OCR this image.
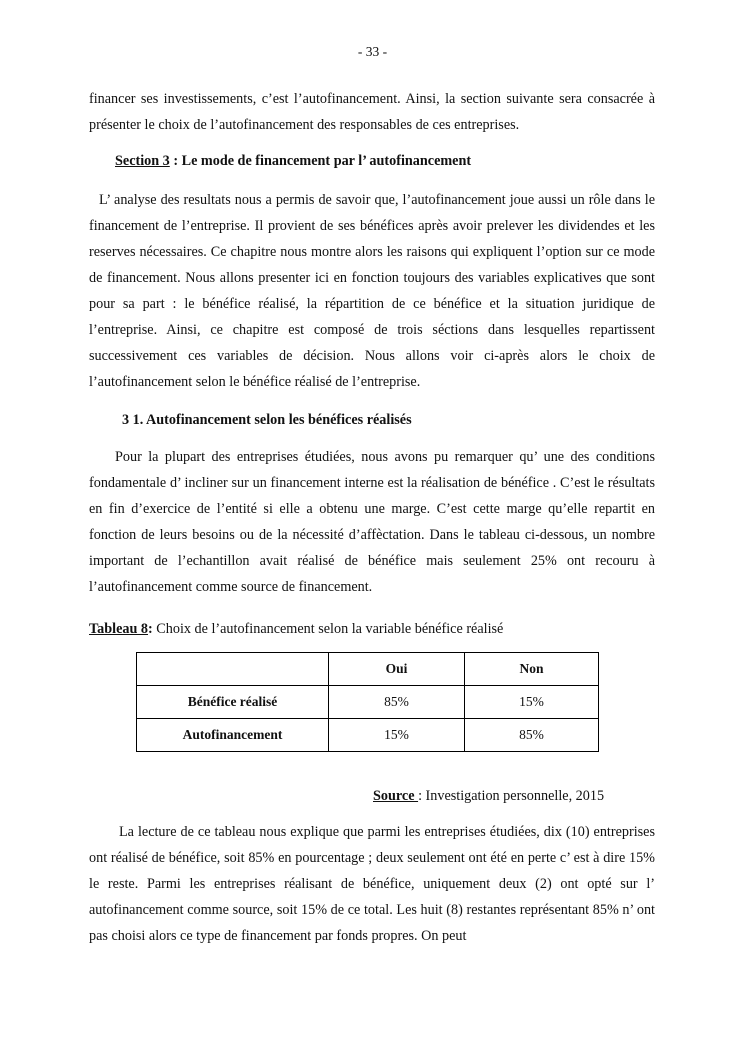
- 33 -

financer ses investissements, c’est l’autofinancement. Ainsi, la section suivante sera consacrée à présenter le choix de l’autofinancement des responsables de ces entreprises.

Section 3 : Le mode de financement par l’ autofinancement

L’ analyse des resultats nous a permis de savoir que, l’autofinancement joue aussi un rôle dans le financement de l’entreprise. Il provient de ses bénéfices après avoir prelever les dividendes et les reserves nécessaires. Ce chapitre nous montre alors les raisons qui expliquent l’option sur ce mode de financement. Nous allons presenter ici en fonction toujours des variables explicatives que sont pour sa part : le bénéfice réalisé, la répartition de ce bénéfice et la situation juridique de l’entreprise. Ainsi, ce chapitre est composé de trois séctions dans lesquelles repartissent successivement ces variables de décision. Nous allons voir ci-après alors le choix de l’autofinancement selon le bénéfice réalisé de l’entreprise.

3 1. Autofinancement selon les bénéfices réalisés

Pour la plupart des entreprises étudiées, nous avons pu remarquer qu’ une des conditions fondamentale d’ incliner sur un financement interne est la réalisation de bénéfice . C’est le résultats en fin d’exercice de l’entité si elle a obtenu une marge. C’est cette marge qu’elle repartit en fonction de leurs besoins ou de la nécessité d’affèctation. Dans le tableau ci-dessous, un nombre important de l’echantillon avait réalisé de bénéfice mais seulement 25% ont recouru à l’autofinancement comme source de financement.

Tableau 8: Choix de l’autofinancement selon la variable bénéfice réalisé

	Oui	Non
Bénéfice réalisé	85%	15%
Autofinancement	15%	85%
Source : Investigation personnelle, 2015

La lecture de ce tableau nous explique que parmi les entreprises étudiées, dix (10) entreprises ont réalisé de bénéfice, soit 85% en pourcentage ; deux seulement ont été en perte c’ est à dire 15% le reste. Parmi les entreprises réalisant de bénéfice, uniquement deux (2) ont opté sur l’ autofinancement comme source, soit 15% de ce total. Les huit (8) restantes représentant 85% n’ ont pas choisi alors ce type de financement par fonds propres. On peut
